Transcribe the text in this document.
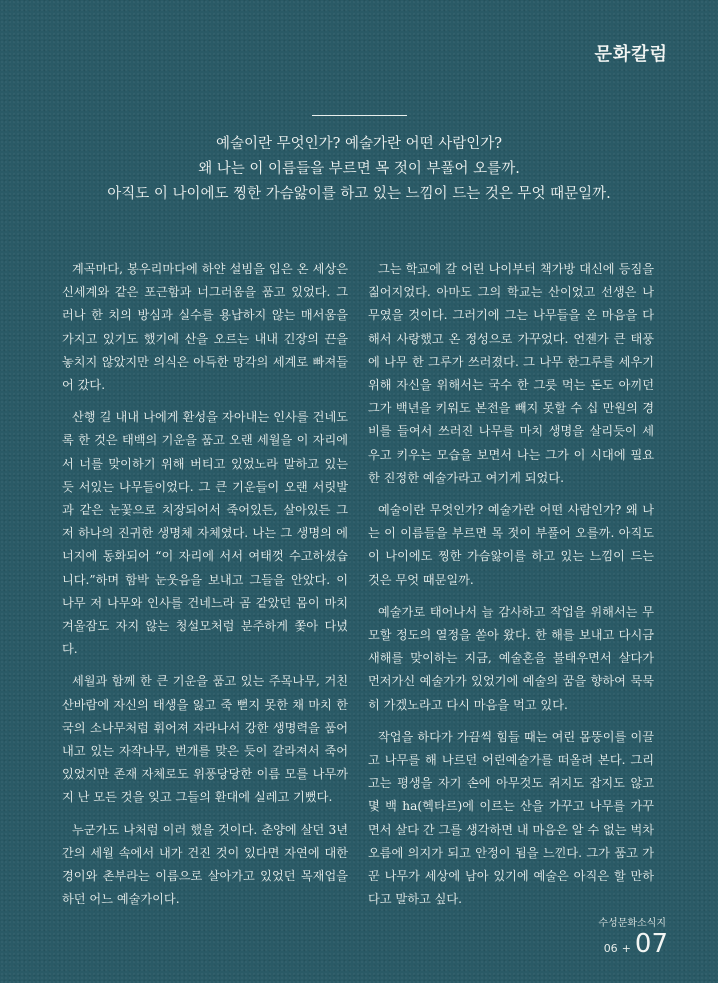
문화칼럼
예술이란 무엇인가? 예술가란 어떤 사람인가?
왜 나는 이 이름들을 부르면 목 젓이 부풀어 오를까.
아직도 이 나이에도 찡한 가슴앓이를 하고 있는 느낌이 드는 것은 무엇 때문일까.

계곡마다, 봉우리마다에 하얀 설빔을 입은 온 세상은 신세계와 같은 포근함과 너그러움을 품고 있었다. 그러나 한 치의 방심과 실수를 용납하지 않는 매서움을 가지고 있기도 했기에 산을 오르는 내내 긴장의 끈을 놓치지 않았지만 의식은 아득한 망각의 세계로 빠져들어 갔다.

산행 길 내내 나에게 환성을 자아내는 인사를 건네도록 한 것은 태백의 기운을 품고 오랜 세월을 이 자리에서 너를 맞이하기 위해 버티고 있었노라 말하고 있는 듯 서있는 나무들이었다. 그 큰 기운들이 오랜 서릿발과 같은 눈꽃으로 치장되어서 죽어있든, 살아있든 그저 하나의 진귀한 생명체 자체였다. 나는 그 생명의 에너지에 동화되어 “이 자리에 서서 여태껏 수고하셨습니다.”하며 함박 눈웃음을 보내고 그들을 안았다. 이 나무 저 나무와 인사를 건네느라 곰 같았던 몸이 마치 겨울잠도 자지 않는 청설모처럼 분주하게 쫓아 다녔다.

세월과 함께 한 큰 기운을 품고 있는 주목나무, 거친 산바람에 자신의 태생을 잃고 죽 뻗지 못한 채 마치 한국의 소나무처럼 휘어져 자라나서 강한 생명력을 품어 내고 있는 자작나무, 번개를 맞은 듯이 갈라져서 죽어 있었지만 존재 자체로도 위풍당당한 이름 모를 나무까지 난 모든 것을 잊고 그들의 환대에 실레고 기뻤다.

누군가도 나처럼 이러 했을 것이다. 춘양에 살던 3년간의 세월 속에서 내가 건진 것이 있다면 자연에 대한 경이와 촌부라는 이름으로 살아가고 있었던 목재업을 하던 어느 예술가이다.

그는 학교에 갈 어린 나이부터 책가방 대신에 등짐을 짊어지었다. 아마도 그의 학교는 산이었고 선생은 나무였을 것이다. 그러기에 그는 나무들을 온 마음을 다해서 사랑했고 온 정성으로 가꾸었다. 언젠가 큰 태풍에 나무 한 그루가 쓰러졌다. 그 나무 한그루를 세우기 위해 자신을 위해서는 국수 한 그릇 먹는 돈도 아끼던 그가 백년을 키워도 본전을 빼지 못할 수 십 만원의 경비를 들여서 쓰러진 나무를 마치 생명을 살리듯이 세우고 키우는 모습을 보면서 나는 그가 이 시대에 필요한 진정한 예술가라고 여기게 되었다.

예술이란 무엇인가? 예술가란 어떤 사람인가? 왜 나는 이 이름들을 부르면 목 젓이 부풀어 오를까. 아직도 이 나이에도 찡한 가슴앓이를 하고 있는 느낌이 드는 것은 무엇 때문일까.

예술가로 태어나서 늘 감사하고 작업을 위해서는 무모할 정도의 열정을 쏟아 왔다. 한 해를 보내고 다시금 새해를 맞이하는 지금, 예술혼을 불태우면서 살다가 먼저가신 예술가가 있었기에 예술의 꿈을 향하여 묵묵히 가겠노라고 다시 마음을 먹고 있다.

작업을 하다가 가끔씩 힘들 때는 여린 몸뚱이를 이끌고 나무를 해 나르던 어린예술가를 떠올려 본다. 그리고는 평생을 자기 손에 아무것도 쥐지도 잡지도 않고 몇 백 ha(헥타르)에 이르는 산을 가꾸고 나무를 가꾸면서 살다 간 그를 생각하면 내 마음은 알 수 없는 벅차오름에 의지가 되고 안정이 됨을 느낀다. 그가 품고 가꾼 나무가 세상에 남아 있기에 예술은 아직은 할 만하다고 말하고 싶다.

수성문화소식지
06 + 07
